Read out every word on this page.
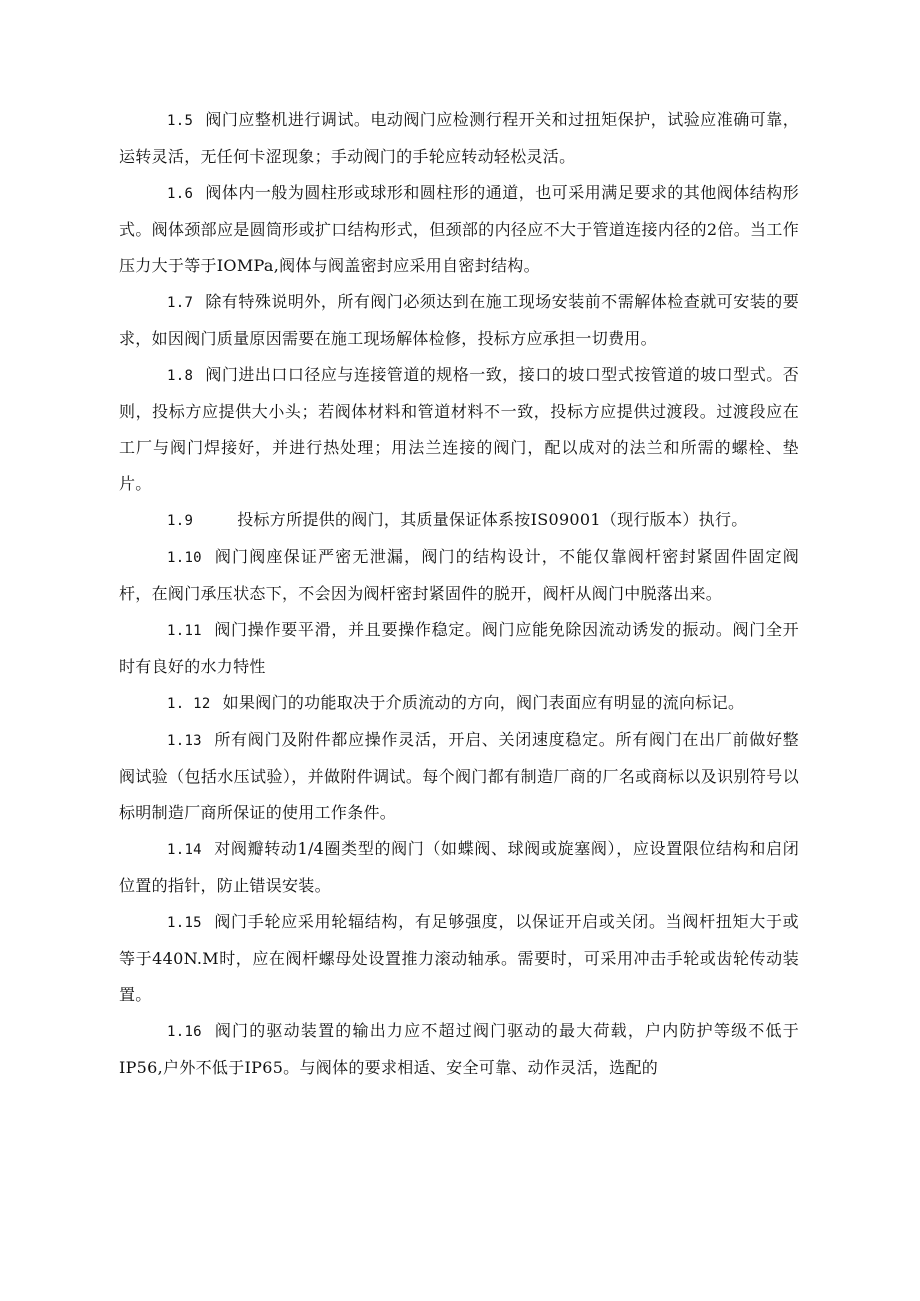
1.5 阀门应整机进行调试。电动阀门应检测行程开关和过扭矩保护，试验应准确可靠，运转灵活，无任何卡涩现象；手动阀门的手轮应转动轻松灵活。

1.6 阀体内一般为圆柱形或球形和圆柱形的通道，也可采用满足要求的其他阀体结构形式。阀体颈部应是圆筒形或扩口结构形式，但颈部的内径应不大于管道连接内径的2倍。当工作压力大于等于IOMPa,阀体与阀盖密封应采用自密封结构。

1.7 除有特殊说明外，所有阀门必须达到在施工现场安装前不需解体检查就可安装的要求，如因阀门质量原因需要在施工现场解体检修，投标方应承担一切费用。

1.8 阀门进出口口径应与连接管道的规格一致，接口的坡口型式按管道的坡口型式。否则，投标方应提供大小头；若阀体材料和管道材料不一致，投标方应提供过渡段。过渡段应在工厂与阀门焊接好，并进行热处理；用法兰连接的阀门，配以成对的法兰和所需的螺栓、垫片。

1.9	投标方所提供的阀门，其质量保证体系按IS09001（现行版本）执行。

1.10 阀门阀座保证严密无泄漏，阀门的结构设计，不能仅靠阀杆密封紧固件固定阀杆，在阀门承压状态下，不会因为阀杆密封紧固件的脱开，阀杆从阀门中脱落出来。

1.11 阀门操作要平滑，并且要操作稳定。阀门应能免除因流动诱发的振动。阀门全开时有良好的水力特性

1. 12 如果阀门的功能取决于介质流动的方向，阀门表面应有明显的流向标记。

1.13 所有阀门及附件都应操作灵活，开启、关闭速度稳定。所有阀门在出厂前做好整阀试验（包括水压试验），并做附件调试。每个阀门都有制造厂商的厂名或商标以及识别符号以标明制造厂商所保证的使用工作条件。

1.14 对阀瓣转动1/4圈类型的阀门（如蝶阀、球阀或旋塞阀），应设置限位结构和启闭位置的指针，防止错误安装。

1.15 阀门手轮应采用轮辐结构，有足够强度，以保证开启或关闭。当阀杆扭矩大于或等于440N.M时，应在阀杆螺母处设置推力滚动轴承。需要时，可采用冲击手轮或齿轮传动装置。

1.16 阀门的驱动装置的输出力应不超过阀门驱动的最大荷载，户内防护等级不低于IP56,户外不低于IP65。与阀体的要求相适、安全可靠、动作灵活，选配的
